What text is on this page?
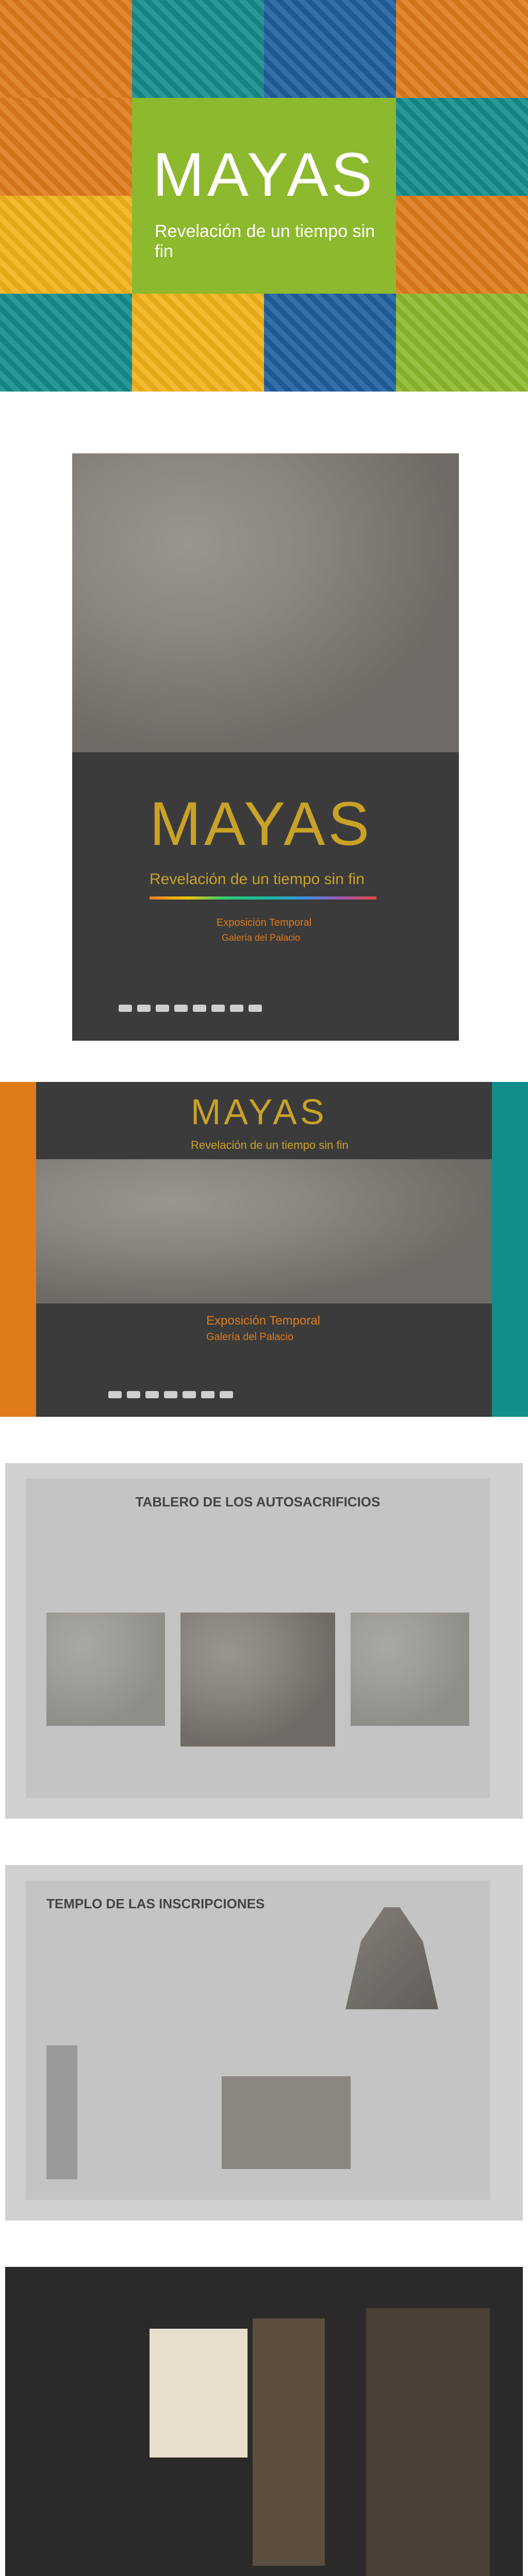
MAYAS
Revelación de un tiempo sin fin
MAYAS
Revelación de un tiempo sin fin
Exposición Temporal
Galería del Palacio
MAYAS
Revelación de un tiempo sin fin
Exposición Temporal
Galería del Palacio
TABLERO DE LOS AUTOSACRIFICIOS
TEMPLO DE LAS INSCRIPCIONES
